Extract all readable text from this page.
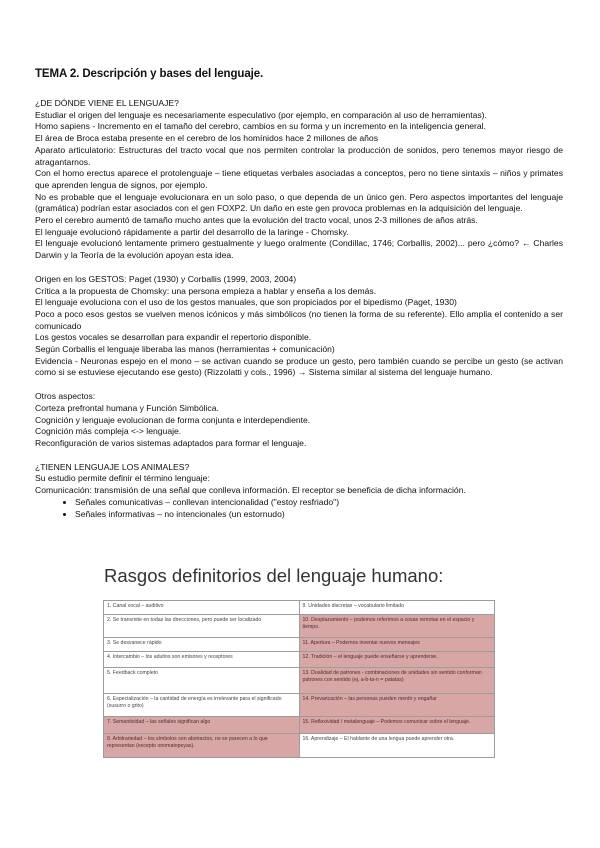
TEMA 2. Descripción y bases del lenguaje.
¿DE DÓNDE VIENE EL LENGUAJE?

Estudiar el origen del lenguaje es necesariamente especulativo (por ejemplo, en comparación al uso de herramientas).

Homo sapiens - Incremento en el tamaño del cerebro, cambios en su forma y un incremento en la inteligencia general.

El área de Broca estaba presente en el cerebro de los homínidos hace 2 millones de años

Aparato articulatorio: Estructuras del tracto vocal que nos permiten controlar la producción de sonidos, pero tenemos mayor riesgo de atragantarnos.

Con el homo erectus aparece el protolenguaje – tiene etiquetas verbales asociadas a conceptos, pero no tiene sintaxis – niños y primates que aprenden lengua de signos, por ejemplo.

No es probable que el lenguaje evolucionara en un solo paso, o que dependa de un único gen. Pero aspectos importantes del lenguaje (gramática) podrían estar asociados con el gen FOXP2. Un daño en este gen provoca problemas en la adquisición del lenguaje.

Pero el cerebro aumentó de tamaño mucho antes que la evolución del tracto vocal, unos 2-3 millones de años atrás.

El lenguaje evolucionó rápidamente a partir del desarrollo de la laringe - Chomsky.

El lenguaje evolucionó lentamente primero gestualmente y luego oralmente (Condillac, 1746; Corballis, 2002)... pero ¿cómo? ← Charles Darwin y la Teoría de la evolución apoyan esta idea.

Origen en los GESTOS: Paget (1930) y Corballis (1999, 2003, 2004)

Crítica a la propuesta de Chomsky: una persona empieza a hablar y enseña a los demás.

El lenguaje evoluciona con el uso de los gestos manuales, que son propiciados por el bipedismo (Paget, 1930)

Poco a poco esos gestos se vuelven menos icónicos y más simbólicos (no tienen la forma de su referente). Ello amplia el contenido a ser comunicado

Los gestos vocales se desarrollan para expandir el repertorio disponible.

Según Corballis el lenguaje liberaba las manos (herramientas + comunicación)

Evidencia - Neuronas espejo en el mono – se activan cuando se produce un gesto, pero también cuando se percibe un gesto (se activan como si se estuviese ejecutando ese gesto) (Rizzolatti y cols., 1996) → Sistema similar al sistema del lenguaje humano.

Otros aspectos:

Corteza prefrontal humana y Función Simbólica.

Cognición y lenguaje evolucionan de forma conjunta e interdependiente.

Cognición más compleja <-> lenguaje.

Reconfiguración de varios sistemas adaptados para formar el lenguaje.

¿TIENEN LENGUAJE LOS ANIMALES?

Su estudio permite definir el término lenguaje:

Comunicación: transmisión de una señal que conlleva información. El receptor se beneficia de dicha información.

• Señales comunicativas – conllevan intencionalidad ("estoy resfriado")
• Señales informativas – no intencionales (un estornudo)
Rasgos definitorios del lenguaje humano:
1. Canal vocal – auditivo	9. Unidades discretas – vocabulario limitado
2. Se transmite en todas las direcciones, pero puede ser localizado	10. Desplazamiento – podemos referirnos a cosas remotas en el espacio y tiempo.
3. Se desvanece rápido	11. Apertura – Podemos inventar nuevos mensajes
4. Intercambio – los adultos son emisores y receptores	12. Tradición – el lenguaje puede enseñarse y aprenderse.
5. Feedback completo	13. Dualidad de patrones - combinaciones de unidades sin sentido conforman patrones con sentido (ej. a-b-ta-n = patatas)
6. Especialización – la cantidad de energía es irrelevante para el significado (susurro o grito)	14. Prevaricación – las personas pueden mentir y engañar
7. Semanticidad – las señales significan algo	15. Reflexividad / metalenguaje – Podemos comunicar sobre el lenguaje.
8. Arbitrariedad – los símbolos son abstractos, no se parecen a lo que representan (excepto onomatopeyas).	16. Aprendizaje – El hablante de una lengua puede aprender otra.
